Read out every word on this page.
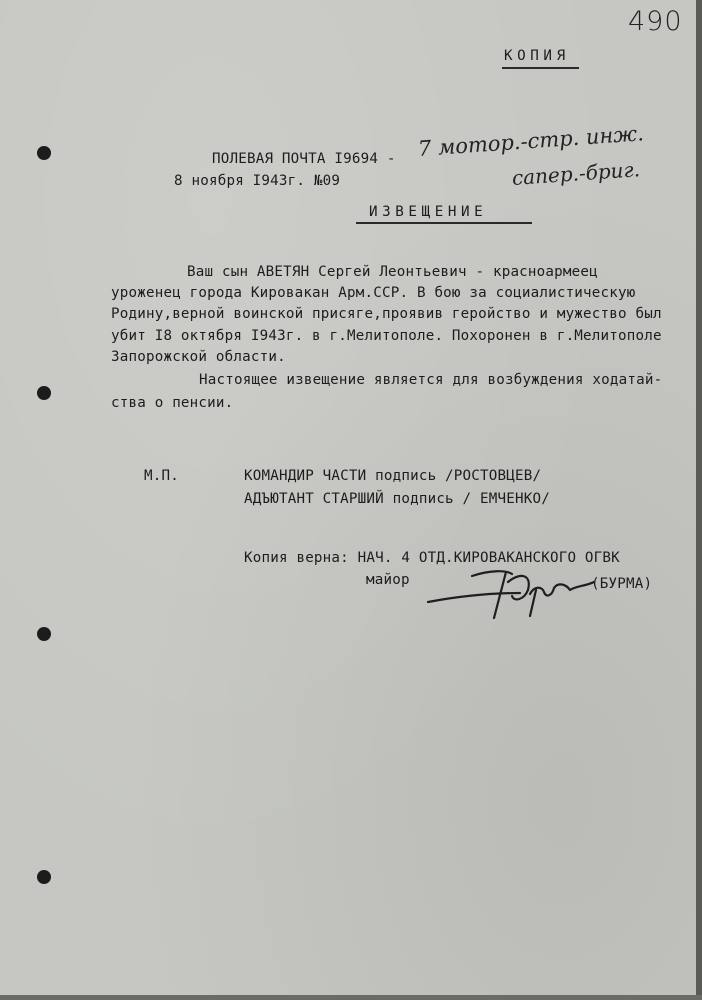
490
КОПИЯ
ПОЛЕВАЯ ПОЧТА I9694 - 7 мотор.-стр. инж.
сапер.-бриг.
8 ноября I943г. №09
ИЗВЕЩЕНИЕ
Ваш сын АВЕТЯН Сергей Леонтьевич - красноармеец
уроженец города Кировакан Арм.ССР. В бою за социалистическую
Родину,верной воинской присяге,проявив геройство и мужество был
убит I8 октября I943г. в г.Мелитополе. Похоронен в г.Мелитополе
Запорожской области.
Настоящее извещение является для возбуждения ходатай-
ства о пенсии.
М.П.	КОМАНДИР ЧАСТИ подпись /РОСТОВЦЕВ/
АДЪЮТАНТ СТАРШИЙ подпись / ЕМЧЕНКО/
Копия верна: НАЧ. 4 ОТД.КИРОВАКАНСКОГО ОГВК
майор	(БУРМА)
